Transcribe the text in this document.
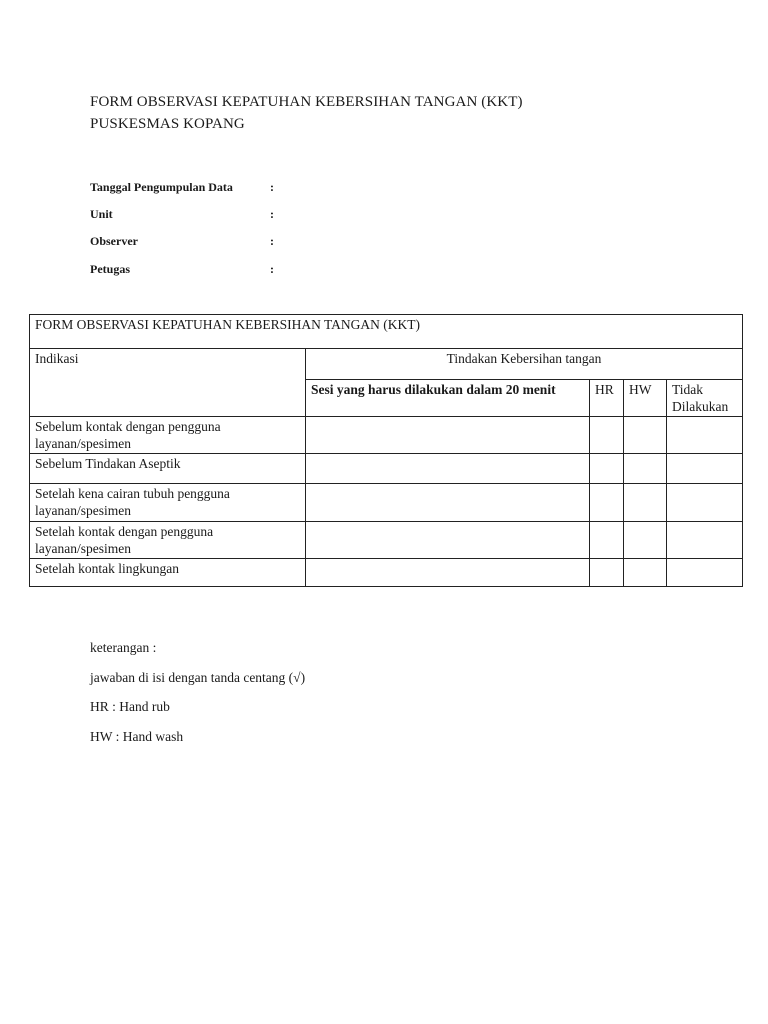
FORM OBSERVASI KEPATUHAN KEBERSIHAN TANGAN (KKT)
PUSKESMAS KOPANG
Tanggal Pengumpulan Data	:
Unit	:
Observer	:
Petugas	:
FORM OBSERVASI KEPATUHAN KEBERSIHAN TANGAN (KKT)				
Indikasi	Tindakan Kebersihan tangan			
	Sesi yang harus dilakukan dalam 20 menit	HR	HW	Tidak Dilakukan
Sebelum kontak dengan pengguna layanan/spesimen				
Sebelum Tindakan Aseptik				
Setelah kena cairan tubuh pengguna layanan/spesimen				
Setelah kontak dengan pengguna layanan/spesimen				
Setelah kontak lingkungan				
keterangan :
jawaban di isi dengan tanda centang (√)
HR : Hand rub
HW : Hand wash
